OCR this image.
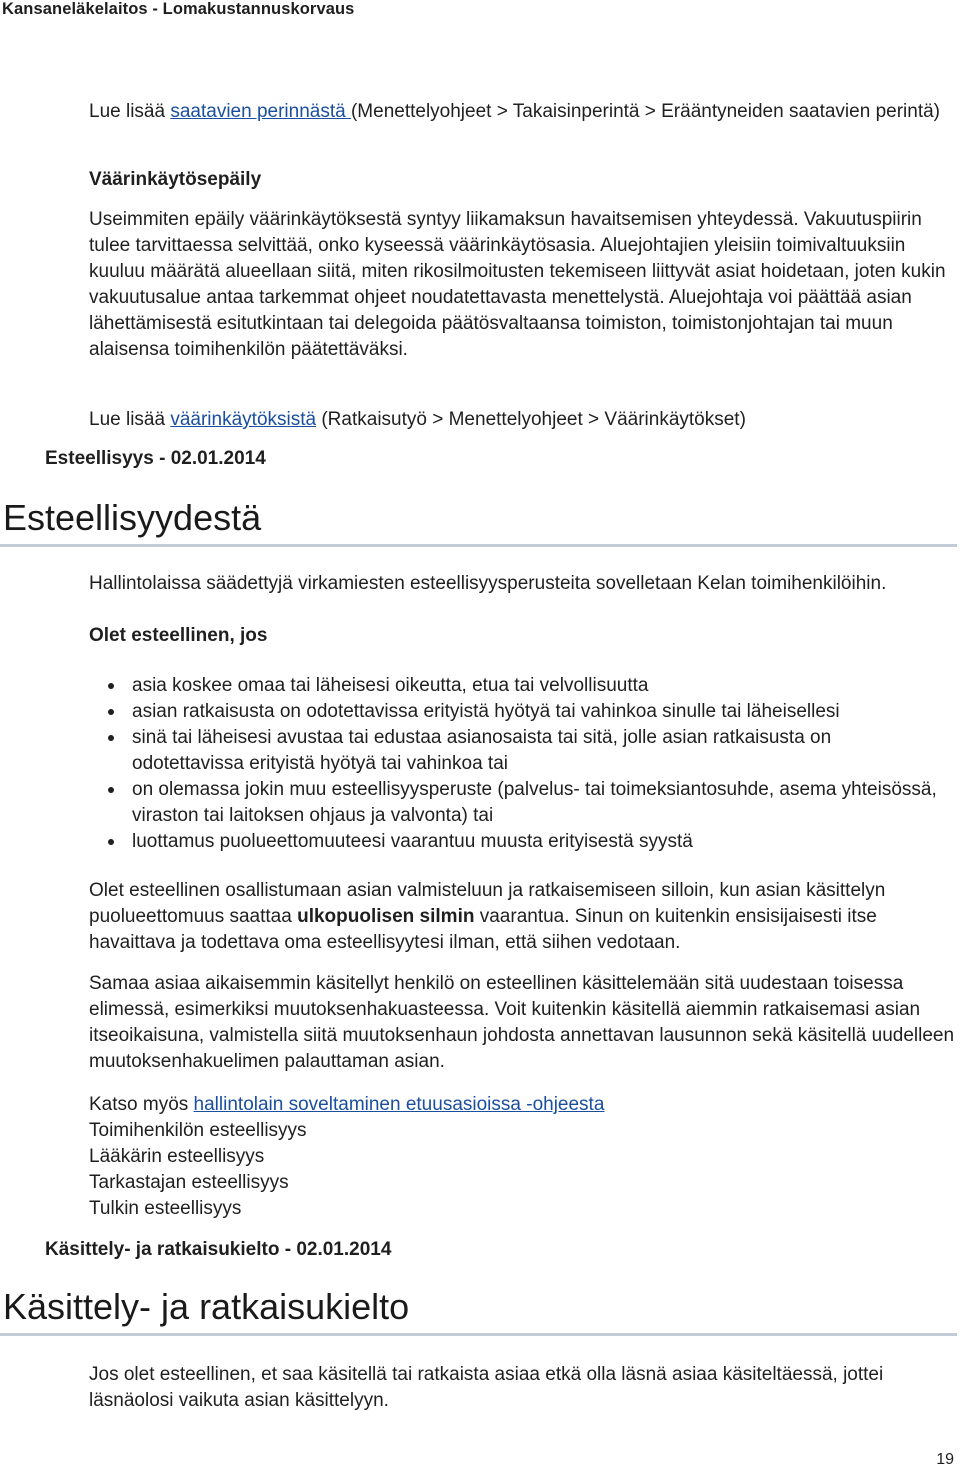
Kansaneläkelaitos - Lomakustannuskorvaus

Lue lisää saatavien perinnästä (Menettelyohjeet > Takaisinperintä > Erääntyneiden saatavien perintä)

Väärinkäytösepäily

Useimmiten epäily väärinkäytöksestä syntyy liikamaksun havaitsemisen yhteydessä. Vakuutuspiirin tulee tarvittaessa selvittää, onko kyseessä väärinkäytösasia. Aluejohtajien yleisiin toimivaltuuksiin kuuluu määrätä alueellaan siitä, miten rikosilmoitusten tekemiseen liittyvät asiat hoidetaan, joten kukin vakuutusalue antaa tarkemmat ohjeet noudatettavasta menettelystä. Aluejohtaja voi päättää asian lähettämisestä esitutkintaan tai delegoida päätösvaltaansa toimiston, toimistonjohtajan tai muun alaisensa toimihenkilön päätettäväksi.

Lue lisää väärinkäytöksistä (Ratkaisutyö > Menettelyohjeet > Väärinkäytökset)

Esteellisyys - 02.01.2014
Esteellisyydestä

Hallintolaissa säädettyjä virkamiesten esteellisyysperusteita sovelletaan Kelan toimihenkilöihin.

Olet esteellinen, jos
asia koskee omaa tai läheisesi oikeutta, etua tai velvollisuutta
asian ratkaisusta on odotettavissa erityistä hyötyä tai vahinkoa sinulle tai läheisellesi
sinä tai läheisesi avustaa tai edustaa asianosaista tai sitä, jolle asian ratkaisusta on odotettavissa erityistä hyötyä tai vahinkoa tai
on olemassa jokin muu esteellisyysperuste (palvelus- tai toimeksiantosuhde, asema yhteisössä, viraston tai laitoksen ohjaus ja valvonta) tai
luottamus puolueettomuuteesi vaarantuu muusta erityisestä syystä

Olet esteellinen osallistumaan asian valmisteluun ja ratkaisemiseen silloin, kun asian käsittelyn puolueettomuus saattaa ulkopuolisen silmin vaarantua. Sinun on kuitenkin ensisijaisesti itse havaittava ja todettava oma esteellisyytesi ilman, että siihen vedotaan.

Samaa asiaa aikaisemmin käsitellyt henkilö on esteellinen käsittelemään sitä uudestaan toisessa elimessä, esimerkiksi muutoksenhakuasteessa. Voit kuitenkin käsitellä aiemmin ratkaisemasi asian itseoikaisuna, valmistella siitä muutoksenhaun johdosta annettavan lausunnon sekä käsitellä uudelleen muutoksenhakuelimen palauttaman asian.

Katso myös hallintolain soveltaminen etuusasioissa -ohjeesta
Toimihenkilön esteellisyys
Lääkärin esteellisyys
Tarkastajan esteellisyys
Tulkin esteellisyys
Käsittely- ja ratkaisukielto - 02.01.2014
Käsittely- ja ratkaisukielto

Jos olet esteellinen, et saa käsitellä tai ratkaista asiaa etkä olla läsnä asiaa käsiteltäessä, jottei läsnäolosi vaikuta asian käsittelyyn.

19
